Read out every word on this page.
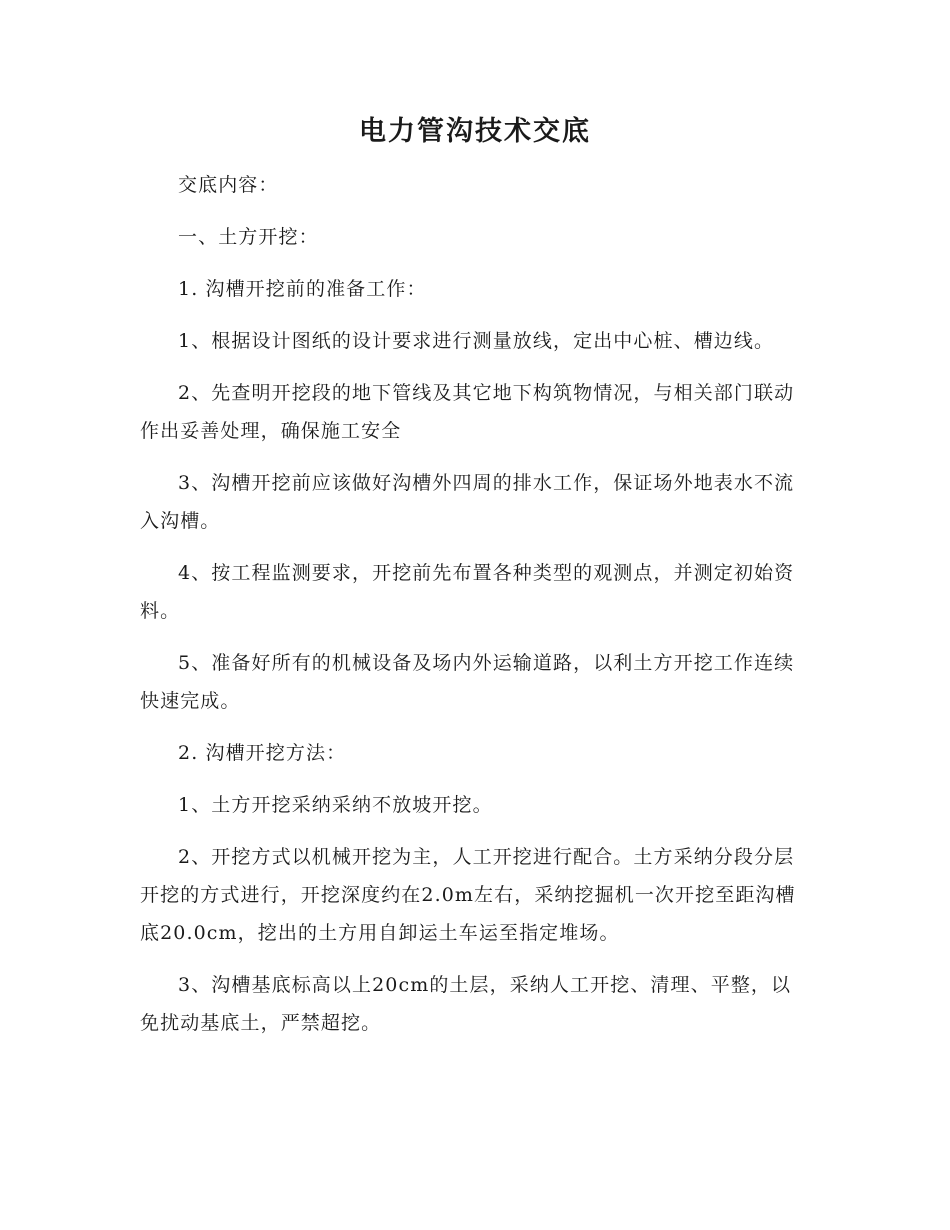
电力管沟技术交底

交底内容：

一、土方开挖：

1. 沟槽开挖前的准备工作：

1、根据设计图纸的设计要求进行测量放线，定出中心桩、槽边线。

2、先查明开挖段的地下管线及其它地下构筑物情况，与相关部门联动作出妥善处理，确保施工安全

3、沟槽开挖前应该做好沟槽外四周的排水工作，保证场外地表水不流入沟槽。

4、按工程监测要求，开挖前先布置各种类型的观测点，并测定初始资料。

5、准备好所有的机械设备及场内外运输道路，以利土方开挖工作连续快速完成。

2. 沟槽开挖方法：

1、土方开挖采纳采纳不放坡开挖。

2、开挖方式以机械开挖为主，人工开挖进行配合。土方采纳分段分层开挖的方式进行，开挖深度约在2.0m左右，采纳挖掘机一次开挖至距沟槽底20.0cm，挖出的土方用自卸运土车运至指定堆场。

3、沟槽基底标高以上20cm的土层，采纳人工开挖、清理、平整，以免扰动基底土，严禁超挖。
